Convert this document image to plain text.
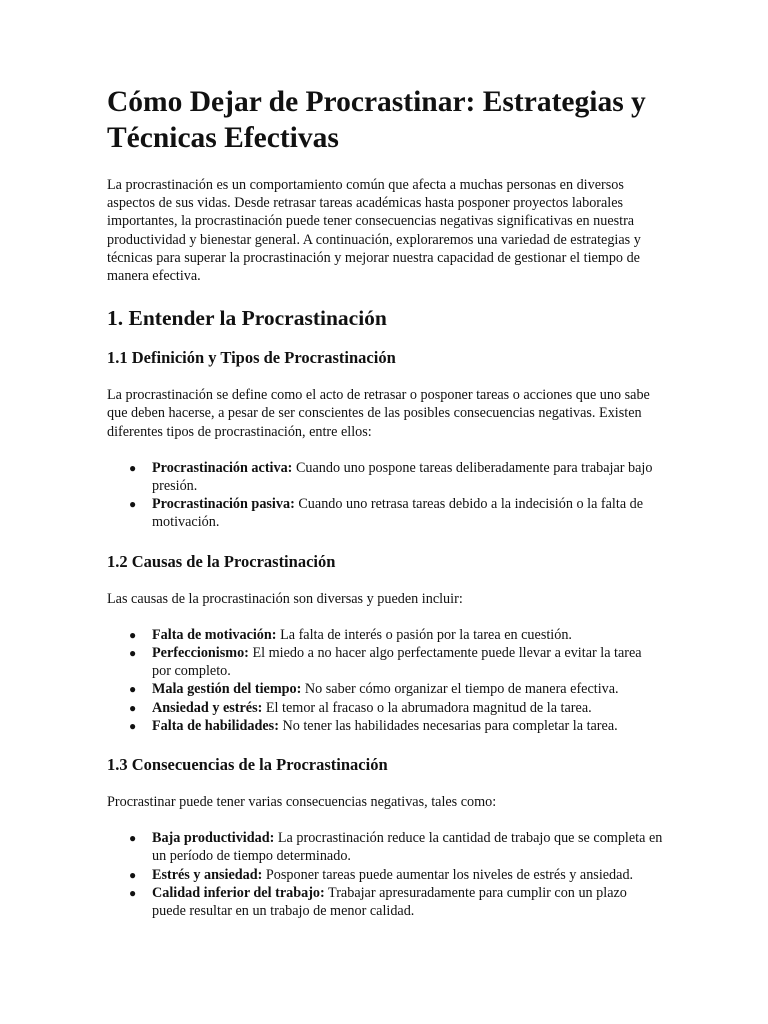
Cómo Dejar de Procrastinar: Estrategias y Técnicas Efectivas

La procrastinación es un comportamiento común que afecta a muchas personas en diversos aspectos de sus vidas. Desde retrasar tareas académicas hasta posponer proyectos laborales importantes, la procrastinación puede tener consecuencias negativas significativas en nuestra productividad y bienestar general. A continuación, exploraremos una variedad de estrategias y técnicas para superar la procrastinación y mejorar nuestra capacidad de gestionar el tiempo de manera efectiva.

1. Entender la Procrastinación
1.1 Definición y Tipos de Procrastinación

La procrastinación se define como el acto de retrasar o posponer tareas o acciones que uno sabe que deben hacerse, a pesar de ser conscientes de las posibles consecuencias negativas. Existen diferentes tipos de procrastinación, entre ellos:

● Procrastinación activa: Cuando uno pospone tareas deliberadamente para trabajar bajo presión.
● Procrastinación pasiva: Cuando uno retrasa tareas debido a la indecisión o la falta de motivación.
1.2 Causas de la Procrastinación

Las causas de la procrastinación son diversas y pueden incluir:

● Falta de motivación: La falta de interés o pasión por la tarea en cuestión.
● Perfeccionismo: El miedo a no hacer algo perfectamente puede llevar a evitar la tarea por completo.
● Mala gestión del tiempo: No saber cómo organizar el tiempo de manera efectiva.
● Ansiedad y estrés: El temor al fracaso o la abrumadora magnitud de la tarea.
● Falta de habilidades: No tener las habilidades necesarias para completar la tarea.
1.3 Consecuencias de la Procrastinación

Procrastinar puede tener varias consecuencias negativas, tales como:

● Baja productividad: La procrastinación reduce la cantidad de trabajo que se completa en un período de tiempo determinado.
● Estrés y ansiedad: Posponer tareas puede aumentar los niveles de estrés y ansiedad.
● Calidad inferior del trabajo: Trabajar apresuradamente para cumplir con un plazo puede resultar en un trabajo de menor calidad.
